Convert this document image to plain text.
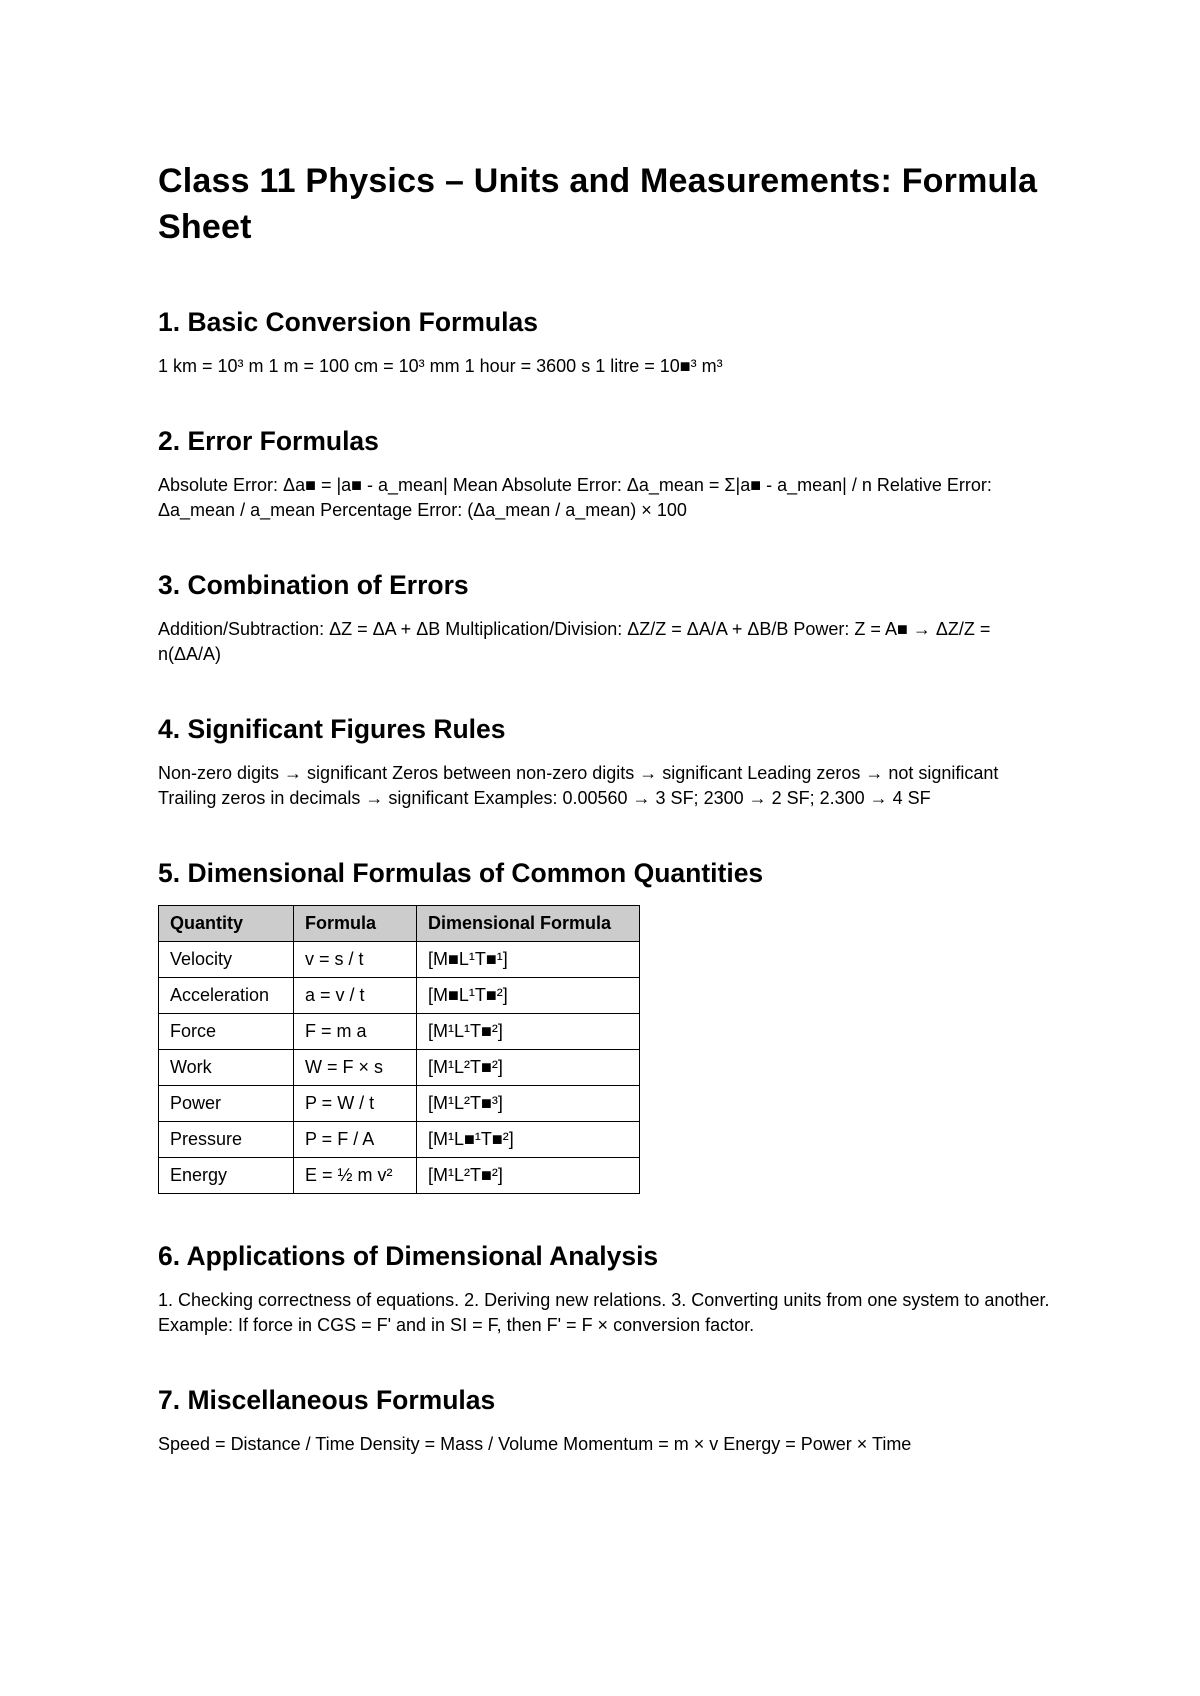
Class 11 Physics – Units and Measurements: Formula Sheet
1. Basic Conversion Formulas

1 km = 10³ m 1 m = 100 cm = 10³ mm 1 hour = 3600 s 1 litre = 10■³ m³

2. Error Formulas

Absolute Error: Δa■ = |a■ - a_mean| Mean Absolute Error: Δa_mean = Σ|a■ - a_mean| / n Relative Error: Δa_mean / a_mean Percentage Error: (Δa_mean / a_mean) × 100

3. Combination of Errors

Addition/Subtraction: ΔZ = ΔA + ΔB Multiplication/Division: ΔZ/Z = ΔA/A + ΔB/B Power: Z = A■ → ΔZ/Z = n(ΔA/A)

4. Significant Figures Rules

Non-zero digits → significant Zeros between non-zero digits → significant Leading zeros → not significant Trailing zeros in decimals → significant Examples: 0.00560 → 3 SF; 2300 → 2 SF; 2.300 → 4 SF

5. Dimensional Formulas of Common Quantities
Quantity	Formula	Dimensional Formula
Velocity	v = s / t	[M■L¹T■¹]
Acceleration	a = v / t	[M■L¹T■²]
Force	F = m a	[M¹L¹T■²]
Work	W = F × s	[M¹L²T■²]
Power	P = W / t	[M¹L²T■³]
Pressure	P = F / A	[M¹L■¹T■²]
Energy	E = ½ m v²	[M¹L²T■²]
6. Applications of Dimensional Analysis

1. Checking correctness of equations. 2. Deriving new relations. 3. Converting units from one system to another. Example: If force in CGS = F' and in SI = F, then F' = F × conversion factor.

7. Miscellaneous Formulas

Speed = Distance / Time Density = Mass / Volume Momentum = m × v Energy = Power × Time
